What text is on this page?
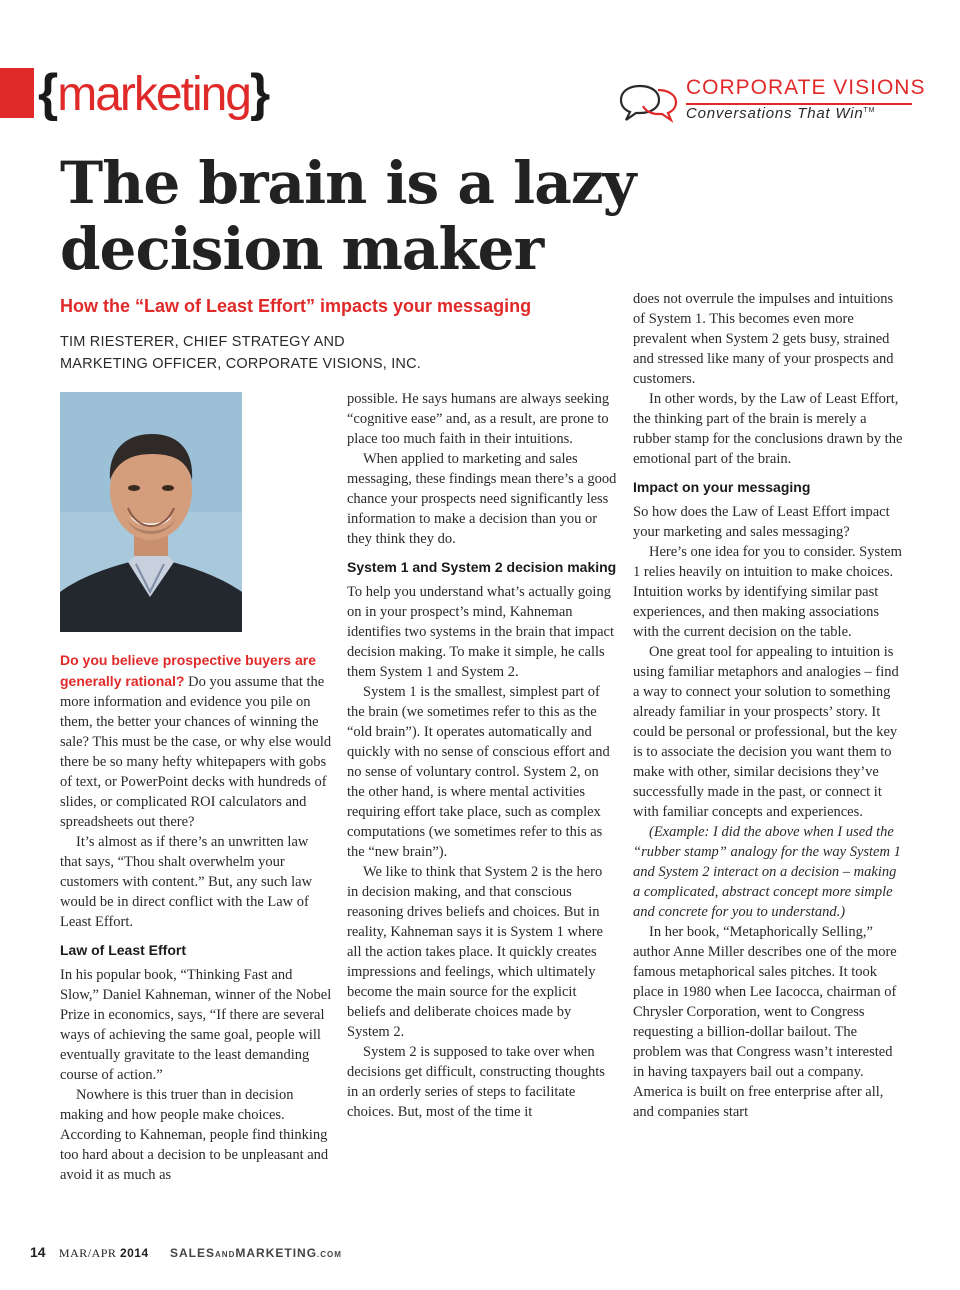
{marketing}	CORPORATE VISIONS
Conversations That Win™
The brain is a lazy decision maker
How the “Law of Least Effort” impacts your messaging
TIM RIESTERER, CHIEF STRATEGY AND
MARKETING OFFICER, CORPORATE VISIONS, INC.

Do you believe prospective buyers are generally rational? Do you assume that the more information and evidence you pile on them, the better your chances of winning the sale? This must be the case, or why else would there be so many hefty whitepapers with gobs of text, or PowerPoint decks with hundreds of slides, or complicated ROI calculators and spreadsheets out there?

It’s almost as if there’s an unwritten law that says, “Thou shalt overwhelm your customers with content.” But, any such law would be in direct conflict with the Law of Least Effort.

Law of Least Effort

In his popular book, “Thinking Fast and Slow,” Daniel Kahneman, winner of the Nobel Prize in economics, says, “If there are several ways of achieving the same goal, people will eventually gravitate to the least demanding course of action.”

Nowhere is this truer than in decision making and how people make choices. According to Kahneman, people find thinking too hard about a decision to be unpleasant and avoid it as much as

possible. He says humans are always seeking “cognitive ease” and, as a result, are prone to place too much faith in their intuitions.

When applied to marketing and sales messaging, these findings mean there’s a good chance your prospects need significantly less information to make a decision than you or they think they do.

System 1 and System 2 decision making

To help you understand what’s actually going on in your prospect’s mind, Kahneman identifies two systems in the brain that impact decision making. To make it simple, he calls them System 1 and System 2.

System 1 is the smallest, simplest part of the brain (we sometimes refer to this as the “old brain”). It operates automatically and quickly with no sense of conscious effort and no sense of voluntary control. System 2, on the other hand, is where mental activities requiring effort take place, such as complex computations (we sometimes refer to this as the “new brain”).

We like to think that System 2 is the hero in decision making, and that conscious reasoning drives beliefs and choices. But in reality, Kahneman says it is System 1 where all the action takes place. It quickly creates impressions and feelings, which ultimately become the main source for the explicit beliefs and deliberate choices made by System 2.

System 2 is supposed to take over when decisions get difficult, constructing thoughts in an orderly series of steps to facilitate choices. But, most of the time it

does not overrule the impulses and intuitions of System 1. This becomes even more prevalent when System 2 gets busy, strained and stressed like many of your prospects and customers.

In other words, by the Law of Least Effort, the thinking part of the brain is merely a rubber stamp for the conclusions drawn by the emotional part of the brain.

Impact on your messaging

So how does the Law of Least Effort impact your marketing and sales messaging?

Here’s one idea for you to consider. System 1 relies heavily on intuition to make choices. Intuition works by identifying similar past experiences, and then making associations with the current decision on the table.

One great tool for appealing to intuition is using familiar metaphors and analogies – find a way to connect your solution to something already familiar in your prospects’ story. It could be personal or professional, but the key is to associate the decision you want them to make with other, similar decisions they’ve successfully made in the past, or connect it with familiar concepts and experiences.

(Example: I did the above when I used the “rubber stamp” analogy for the way System 1 and System 2 interact on a decision – making a complicated, abstract concept more simple and concrete for you to understand.)

In her book, “Metaphorically Selling,” author Anne Miller describes one of the more famous metaphorical sales pitches. It took place in 1980 when Lee Iacocca, chairman of Chrysler Corporation, went to Congress requesting a billion-dollar bailout. The problem was that Congress wasn’t interested in having taxpayers bail out a company. America is built on free enterprise after all, and companies start

14 MAR/APR 2014 SALESANDMARKETING.COM
